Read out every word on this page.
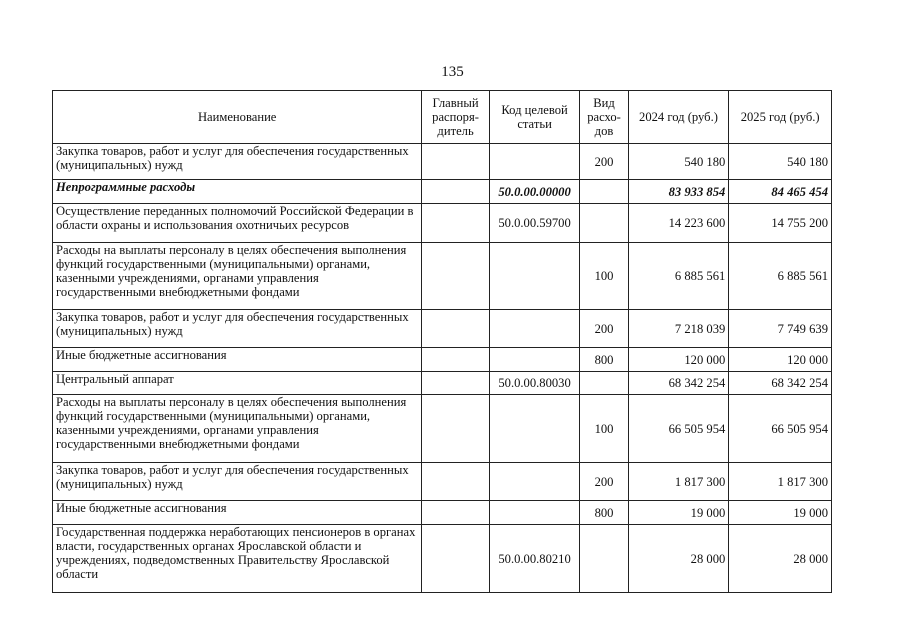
135
Наименование	Главный распоря-дитель	Код целевой статьи	Вид расхо-дов	2024 год (руб.)	2025 год (руб.)
Закупка товаров, работ и услуг для обеспечения государственных (муниципальных) нужд			200	540 180	540 180
Непрограммные расходы		50.0.00.00000		83 933 854	84 465 454
Осуществление переданных полномочий Российской Федерации в области охраны и использования охотничьих ресурсов		50.0.00.59700		14 223 600	14 755 200
Расходы на выплаты персоналу в целях обеспечения выполнения функций государственными (муниципальными) органами, казенными учреждениями, органами управления государственными внебюджетными фондами			100	6 885 561	6 885 561
Закупка товаров, работ и услуг для обеспечения государственных (муниципальных) нужд			200	7 218 039	7 749 639
Иные бюджетные ассигнования			800	120 000	120 000
Центральный аппарат		50.0.00.80030		68 342 254	68 342 254
Расходы на выплаты персоналу в целях обеспечения выполнения функций государственными (муниципальными) органами, казенными учреждениями, органами управления государственными внебюджетными фондами			100	66 505 954	66 505 954
Закупка товаров, работ и услуг для обеспечения государственных (муниципальных) нужд			200	1 817 300	1 817 300
Иные бюджетные ассигнования			800	19 000	19 000
Государственная поддержка неработающих пенсионеров в органах власти, государственных органах Ярославской области и учреждениях, подведомственных Правительству Ярославской области		50.0.00.80210		28 000	28 000
